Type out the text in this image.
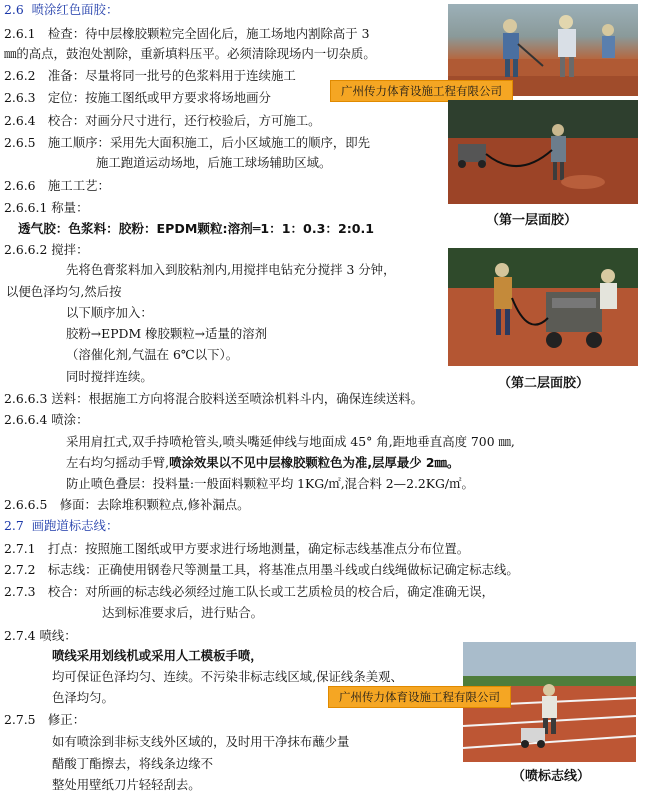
2.6 喷涂红色面胶：
2.6.1　检查：待中层橡胶颗粒完全固化后，施工场地内割除高于 3
㎜的高点，鼓泡处割除，重新填料压平。必须清除现场内一切杂质。
2.6.2　准备：尽量将同一批号的色浆料用于连续施工
2.6.3　定位：按施工图纸或甲方要求将场地画分
2.6.4　校合：对画分尺寸进行，还行校验后，方可施工。
2.6.5　施工顺序：采用先大面积施工，后小区域施工的顺序，即先
施工跑道运动场地，后施工球场辅助区域。
2.6.6　施工工艺：
2.6.6.1 称量：
透气胶：色浆料：胶粉：EPDM颗粒:溶剂═1：1：0.3：2:0.1
2.6.6.2 搅拌：
先将色膏浆料加入到胶粘剂内,用搅拌电钻充分搅拌 3 分钟，
以便色泽均匀,然后按
以下顺序加入：
胶粉→EPDM 橡胶颗粒→适量的溶剂
（溶催化剂,气温在 6℃以下）。
同时搅拌连续。
2.6.6.3 送料：根据施工方向将混合胶料送至喷涂机料斗内，确保连续送料。
2.6.6.4 喷涂：
采用肩扛式,双手持喷枪管头,喷头嘴延伸线与地面成 45° 角,距地垂直高度 700 ㎜,
左右均匀摇动手臂,喷涂效果以不见中层橡胶颗粒色为准,层厚最少 2㎜。
防止喷色叠层：投料量:一般面料颗粒平均 1KG/㎡,混合料 2—2.2KG/㎡。
2.6.6.5　修面：去除堆积颗粒点,修补漏点。
2.7 画跑道标志线：
2.7.1　打点：按照施工图纸或甲方要求进行场地测量，确定标志线基准点分布位置。
2.7.2　标志线：正确使用钢卷尺等测量工具，将基准点用墨斗线或白线绳做标记确定标志线。
2.7.3　校合：对所画的标志线必须经过施工队长或工艺质检员的校合后，确定准确无误，
达到标准要求后，进行贴合。
2.7.4 喷线：
喷线采用划线机或采用人工模板手喷，
均可保证色泽均匀、连续。不污染非标志线区域,保证线条美观、
色泽均匀。
2.7.5　修正：
如有喷涂到非标支线外区域的，及时用干净抹布蘸少量
醋酸丁酯擦去，将线条边缘不
整处用壁纸刀片轻轻刮去。
广州传力体育设施工程有限公司
（第一层面胶）
（第二层面胶）
广州传力体育设施工程有限公司
（喷标志线）
